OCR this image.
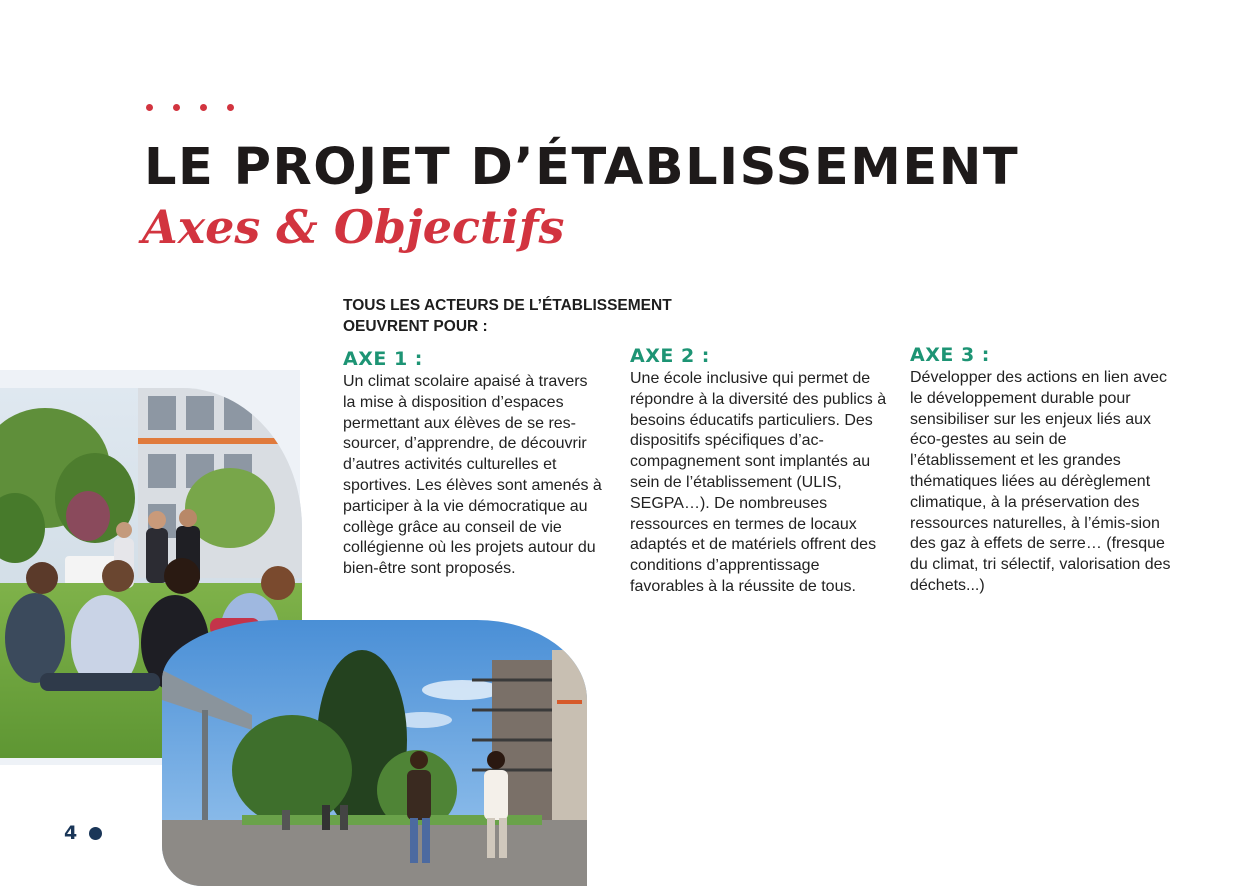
LE PROJET D’ÉTABLISSEMENT
Axes & Objectifs
TOUS LES ACTEURS DE L’ÉTABLISSEMENT
OEUVRENT POUR :
AXE 1 :
Un climat scolaire apaisé à travers la mise à disposition d’espaces permettant aux élèves de se res-sourcer, d’apprendre, de découvrir d’autres activités culturelles et sportives. Les élèves sont amenés à participer à la vie démocratique au collège grâce au conseil de vie collégienne où les projets autour du bien-être sont proposés.
AXE 2 :
Une école inclusive qui permet de répondre à la diversité des publics à besoins éducatifs particuliers. Des dispositifs spécifiques d’ac-compagnement sont implantés au sein de l’établissement (ULIS, SEGPA…). De nombreuses ressources en termes de locaux adaptés et de matériels offrent des conditions d’apprentissage favorables à la réussite de tous.
AXE 3 :
Développer des actions en lien avec le développement durable pour sensibiliser sur les enjeux liés aux éco-gestes au sein de l’établissement et les grandes thématiques liées au dérèglement climatique, à la préservation des ressources naturelles, à l’émis-sion des gaz à effets de serre… (fresque du climat, tri sélectif, valorisation des déchets...)
4
